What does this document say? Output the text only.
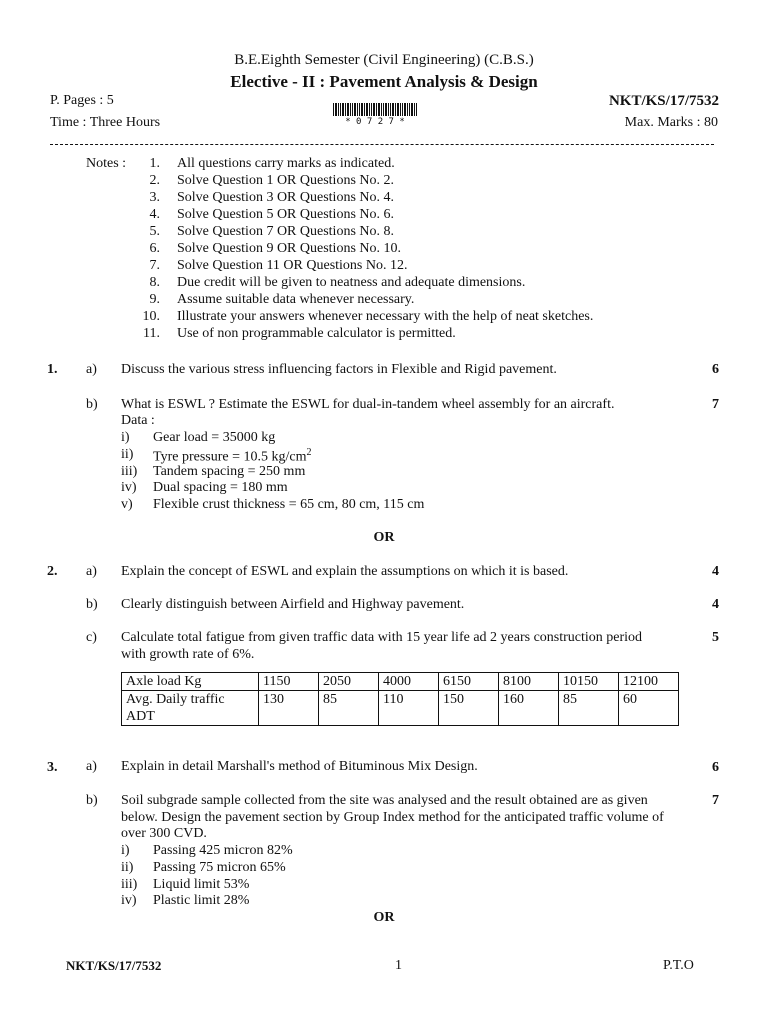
B.E.Eighth Semester (Civil Engineering) (C.B.S.)
Elective - II : Pavement Analysis & Design
P. Pages : 5	NKT/KS/17/7532
* 0 7 2 7 *
Time : Three Hours	Max. Marks : 80
Notes :	1. All questions carry marks as indicated.
2. Solve Question 1 OR Questions No. 2.
3. Solve Question 3 OR Questions No. 4.
4. Solve Question 5 OR Questions No. 6.
5. Solve Question 7 OR Questions No. 8.
6. Solve Question 9 OR Questions No. 10.
7. Solve Question 11 OR Questions No. 12.
8. Due credit will be given to neatness and adequate dimensions.
9. Assume suitable data whenever necessary.
10. Illustrate your answers whenever necessary with the help of neat sketches.
11. Use of non programmable calculator is permitted.
1. a) Discuss the various stress influencing factors in Flexible and Rigid pavement.	6
b) What is ESWL ? Estimate the ESWL for dual-in-tandem wheel assembly for an aircraft.	7
Data :
i) Gear load = 35000 kg
ii) Tyre pressure = 10.5 $kg/cm^2$
iii) Tandem spacing = 250 mm
iv) Dual spacing = 180 mm
v) Flexible crust thickness = 65 cm, 80 cm, 115 cm
OR
2. a) Explain the concept of ESWL and explain the assumptions on which it is based.	4
b) Clearly distinguish between Airfield and Highway pavement.	4
c) Calculate total fatigue from given traffic data with 15 year life ad 2 years construction period with growth rate of 6%.
5
Axle load Kg	1150	2050	4000	6150	8100	10150	12100

Avg. Daily traffic
ADT	130	85	110	150	160	85	60
3. a) Explain in detail Marshall's method of Bituminous Mix Design.	6
b) Soil subgrade sample collected from the site was analysed and the result obtained are as given below. Design the pavement section by Group Index method for the anticipated traffic volume of over 300 CVD.
7
i) Passing 425 micron 82%
ii) Passing 75 micron 65%
iii) Liquid limit 53%
iv) Plastic limit 28%
OR
NKT/KS/17/7532	1	P.T.O
